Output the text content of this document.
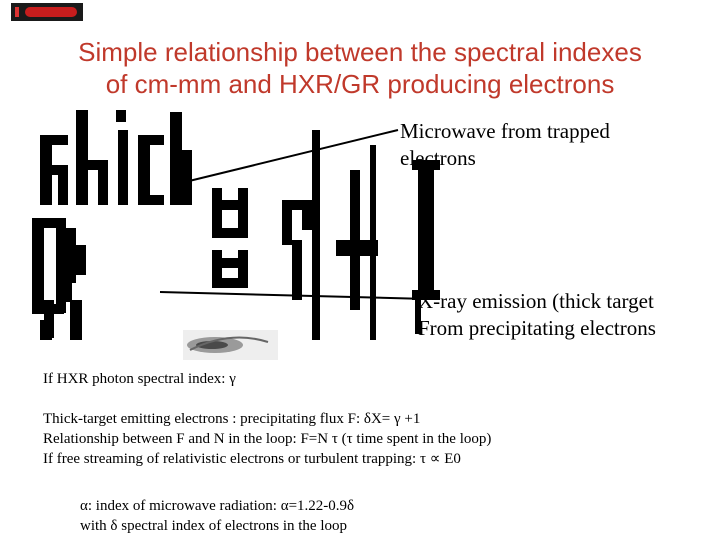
Simple relationship between the spectral indexes
of cm-mm and HXR/GR producing electrons
Microwave from trapped
electrons
X-ray emission (thick target
From precipitating electrons
If HXR photon spectral index: γ
Thick-target emitting electrons : precipitating flux F: δX= γ +1
Relationship between F and N in the loop: F=N τ (τ time spent in the loop)
If free streaming of relativistic electrons or turbulent trapping: τ ∝ E0
α: index of microwave radiation: α=1.22-0.9δ
with δ spectral index of electrons in the loop
